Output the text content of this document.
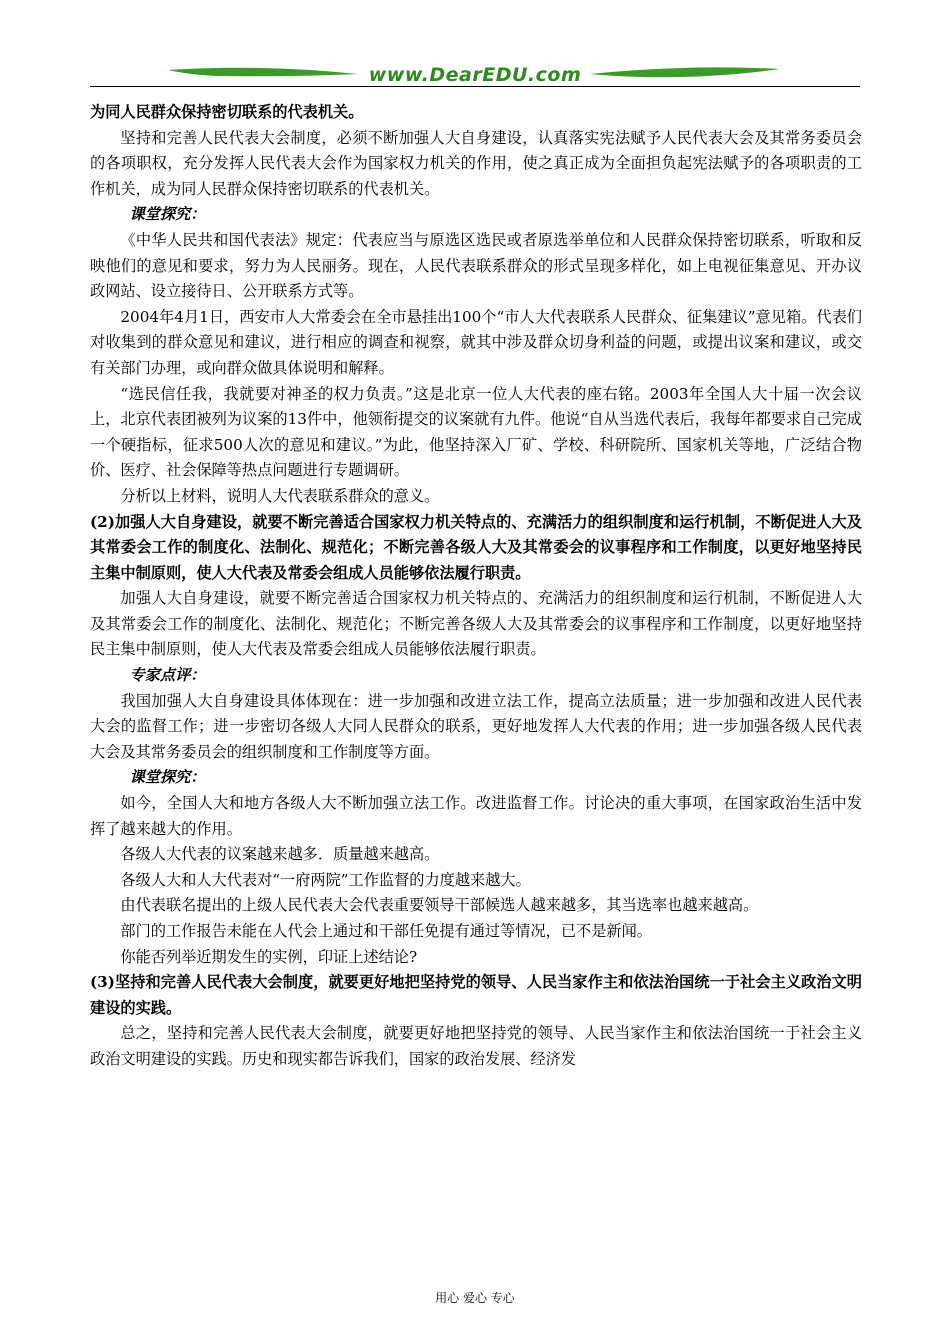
www.DearEDU.com

为同人民群众保持密切联系的代表机关。

坚持和完善人民代表大会制度，必须不断加强人大自身建设，认真落实宪法赋予人民代表大会及其常务委员会的各项职权，充分发挥人民代表大会作为国家权力机关的作用，使之真正成为全面担负起宪法赋予的各项职责的工作机关，成为同人民群众保持密切联系的代表机关。

课堂探究：

《中华人民共和国代表法》规定：代表应当与原选区选民或者原选举单位和人民群众保持密切联系，听取和反映他们的意见和要求，努力为人民丽务。现在，人民代表联系群众的形式呈现多样化，如上电视征集意见、开办议政网站、设立接待日、公开联系方式等。

2004年4月1日，西安市人大常委会在全市悬挂出100个“市人大代表联系人民群众、征集建议”意见箱。代表们对收集到的群众意见和建议，进行相应的调查和视察，就其中涉及群众切身利益的问题，或提出议案和建议，或交有关部门办理，或向群众做具体说明和解释。

“选民信任我，我就要对神圣的权力负责。”这是北京一位人大代表的座右铭。2003年全国人大十届一次会议上，北京代表团被列为议案的13件中，他领衔提交的议案就有九件。他说“自从当选代表后，我每年都要求自己完成一个硬指标，征求500人次的意见和建议。”为此，他坚持深入厂矿、学校、科研院所、国家机关等地，广泛结合物价、医疗、社会保障等热点问题进行专题调研。

分析以上材料，说明人大代表联系群众的意义。

(2)加强人大自身建设，就要不断完善适合国家权力机关特点的、充满活力的组织制度和运行机制，不断促进人大及其常委会工作的制度化、法制化、规范化；不断完善各级人大及其常委会的议事程序和工作制度，以更好地坚持民主集中制原则，使人大代表及常委会组成人员能够依法履行职责。

加强人大自身建设，就要不断完善适合国家权力机关特点的、充满活力的组织制度和运行机制，不断促进人大及其常委会工作的制度化、法制化、规范化；不断完善各级人大及其常委会的议事程序和工作制度，以更好地坚持民主集中制原则，使人大代表及常委会组成人员能够依法履行职责。

专家点评：

我国加强人大自身建设具体体现在：进一步加强和改进立法工作，提高立法质量；进一步加强和改进人民代表大会的监督工作；进一步密切各级人大同人民群众的联系，更好地发挥人大代表的作用；进一步加强各级人民代表大会及其常务委员会的组织制度和工作制度等方面。

课堂探究：

如今，全国人大和地方各级人大不断加强立法工作。改进监督工作。讨论决的重大事项，在国家政治生活中发挥了越来越大的作用。

各级人大代表的议案越来越多．质量越来越高。

各级人大和人大代表对“一府两院”工作监督的力度越来越大。

由代表联名提出的上级人民代表大会代表重要领导干部候选人越来越多，其当选率也越来越高。

部门的工作报告未能在人代会上通过和干部任免提有通过等情况，已不是新闻。

你能否列举近期发生的实例，印证上述结论?

(3)坚持和完善人民代表大会制度，就要更好地把坚持党的领导、人民当家作主和依法治国统一于社会主义政治文明建设的实践。

总之，坚持和完善人民代表大会制度，就要更好地把坚持党的领导、人民当家作主和依法治国统一于社会主义政治文明建设的实践。历史和现实都告诉我们，国家的政治发展、经济发

用心 爱心 专心
